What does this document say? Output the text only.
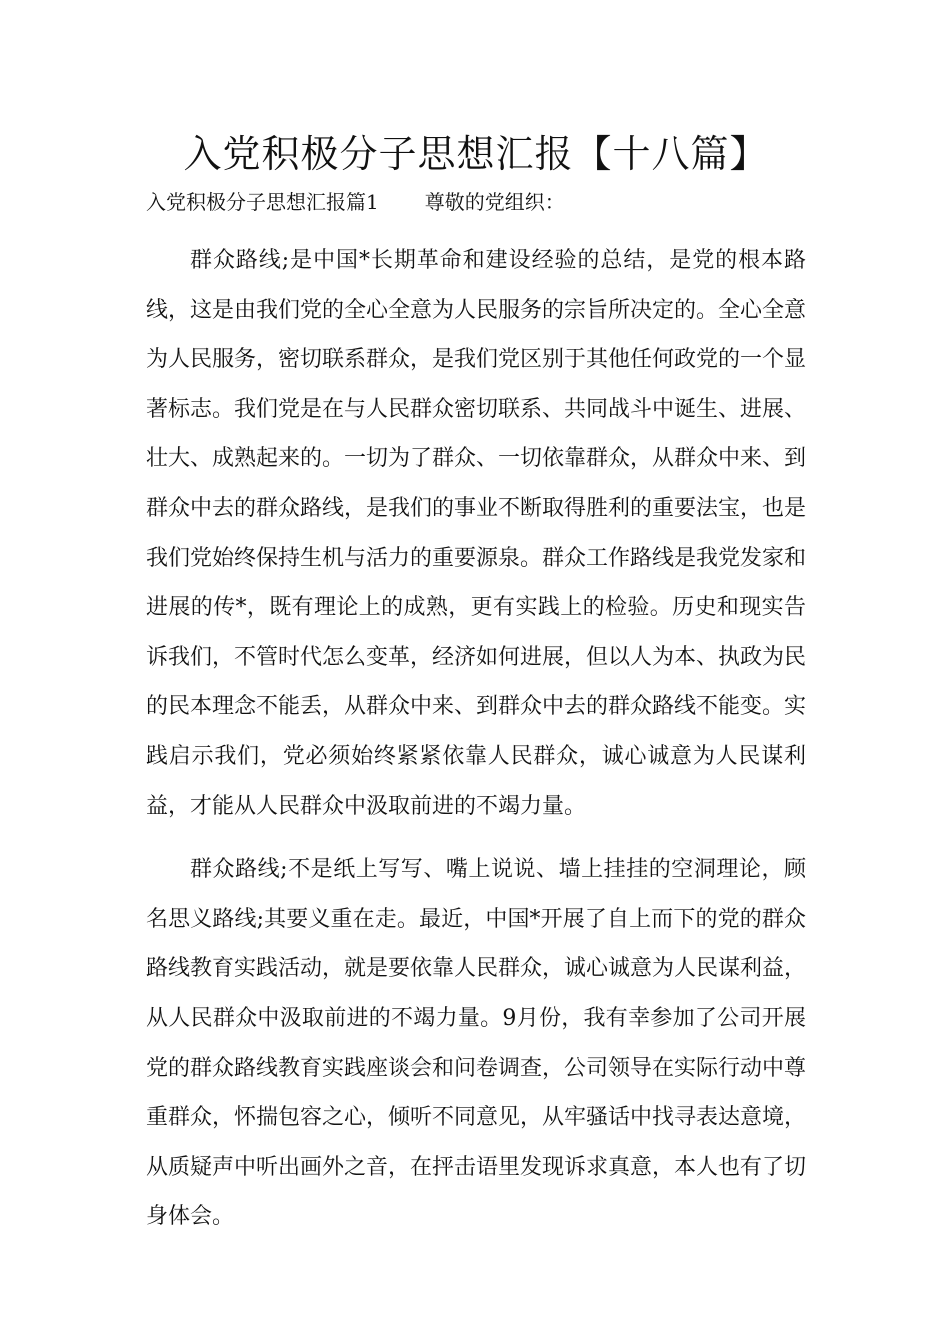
入党积极分子思想汇报【十八篇】
入党积极分子思想汇报篇1 尊敬的党组织：

群众路线;是中国*长期革命和建设经验的总结，是党的根本路线，这是由我们党的全心全意为人民服务的宗旨所决定的。全心全意为人民服务，密切联系群众，是我们党区别于其他任何政党的一个显著标志。我们党是在与人民群众密切联系、共同战斗中诞生、进展、壮大、成熟起来的。一切为了群众、一切依靠群众，从群众中来、到群众中去的群众路线，是我们的事业不断取得胜利的重要法宝，也是我们党始终保持生机与活力的重要源泉。群众工作路线是我党发家和进展的传*，既有理论上的成熟，更有实践上的检验。历史和现实告诉我们，不管时代怎么变革，经济如何进展，但以人为本、执政为民的民本理念不能丢，从群众中来、到群众中去的群众路线不能变。实践启示我们，党必须始终紧紧依靠人民群众，诚心诚意为人民谋利益，才能从人民群众中汲取前进的不竭力量。

群众路线;不是纸上写写、嘴上说说、墙上挂挂的空洞理论，顾名思义路线;其要义重在走。最近，中国*开展了自上而下的党的群众路线教育实践活动，就是要依靠人民群众，诚心诚意为人民谋利益，从人民群众中汲取前进的不竭力量。9月份，我有幸参加了公司开展党的群众路线教育实践座谈会和问卷调查，公司领导在实际行动中尊重群众，怀揣包容之心，倾听不同意见，从牢骚话中找寻表达意境，从质疑声中听出画外之音，在抨击语里发现诉求真意，本人也有了切身体会。
